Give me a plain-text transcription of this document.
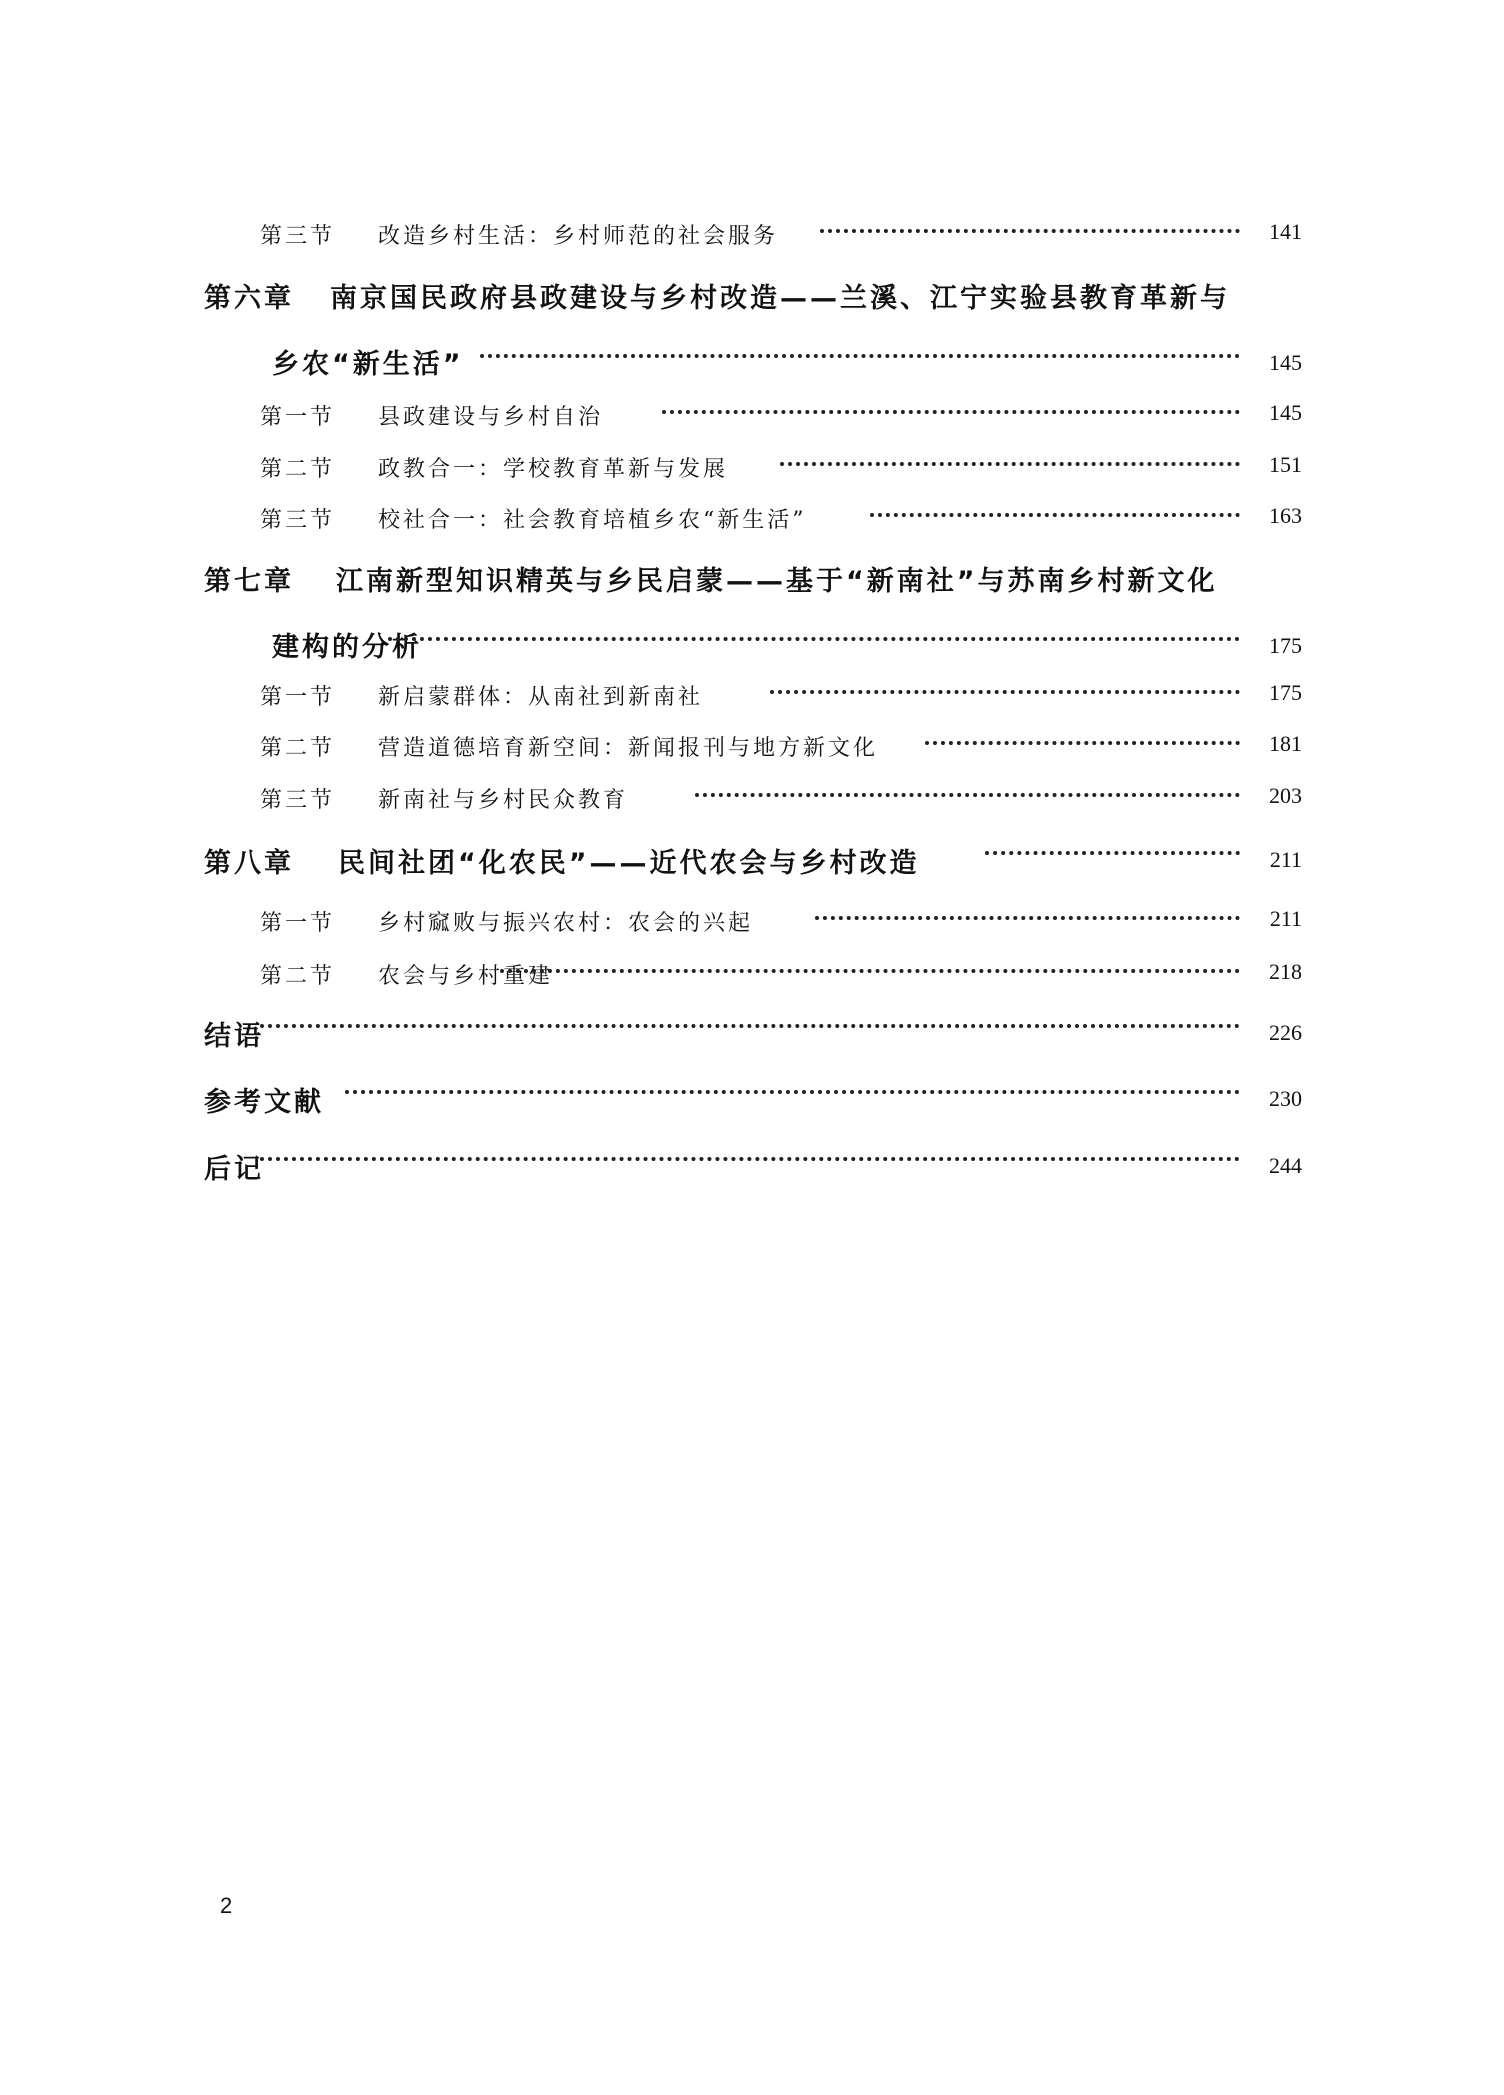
第三节 改造乡村生活：乡村师范的社会服务	141
第六章 南京国民政府县政建设与乡村改造——兰溪、江宁实验县教育革新与
乡农“新生活”	145
第一节 县政建设与乡村自治	145
第二节 政教合一：学校教育革新与发展	151
第三节 校社合一：社会教育培植乡农“新生活”	163
第七章 江南新型知识精英与乡民启蒙——基于“新南社”与苏南乡村新文化
建构的分析	175
第一节 新启蒙群体：从南社到新南社	175
第二节 营造道德培育新空间：新闻报刊与地方新文化	181
第三节 新南社与乡村民众教育	203
第八章 民间社团“化农民”——近代农会与乡村改造	211
第一节 乡村窳败与振兴农村：农会的兴起	211
第二节 农会与乡村重建	218
结语	226
参考文献	230
后记	244
2
